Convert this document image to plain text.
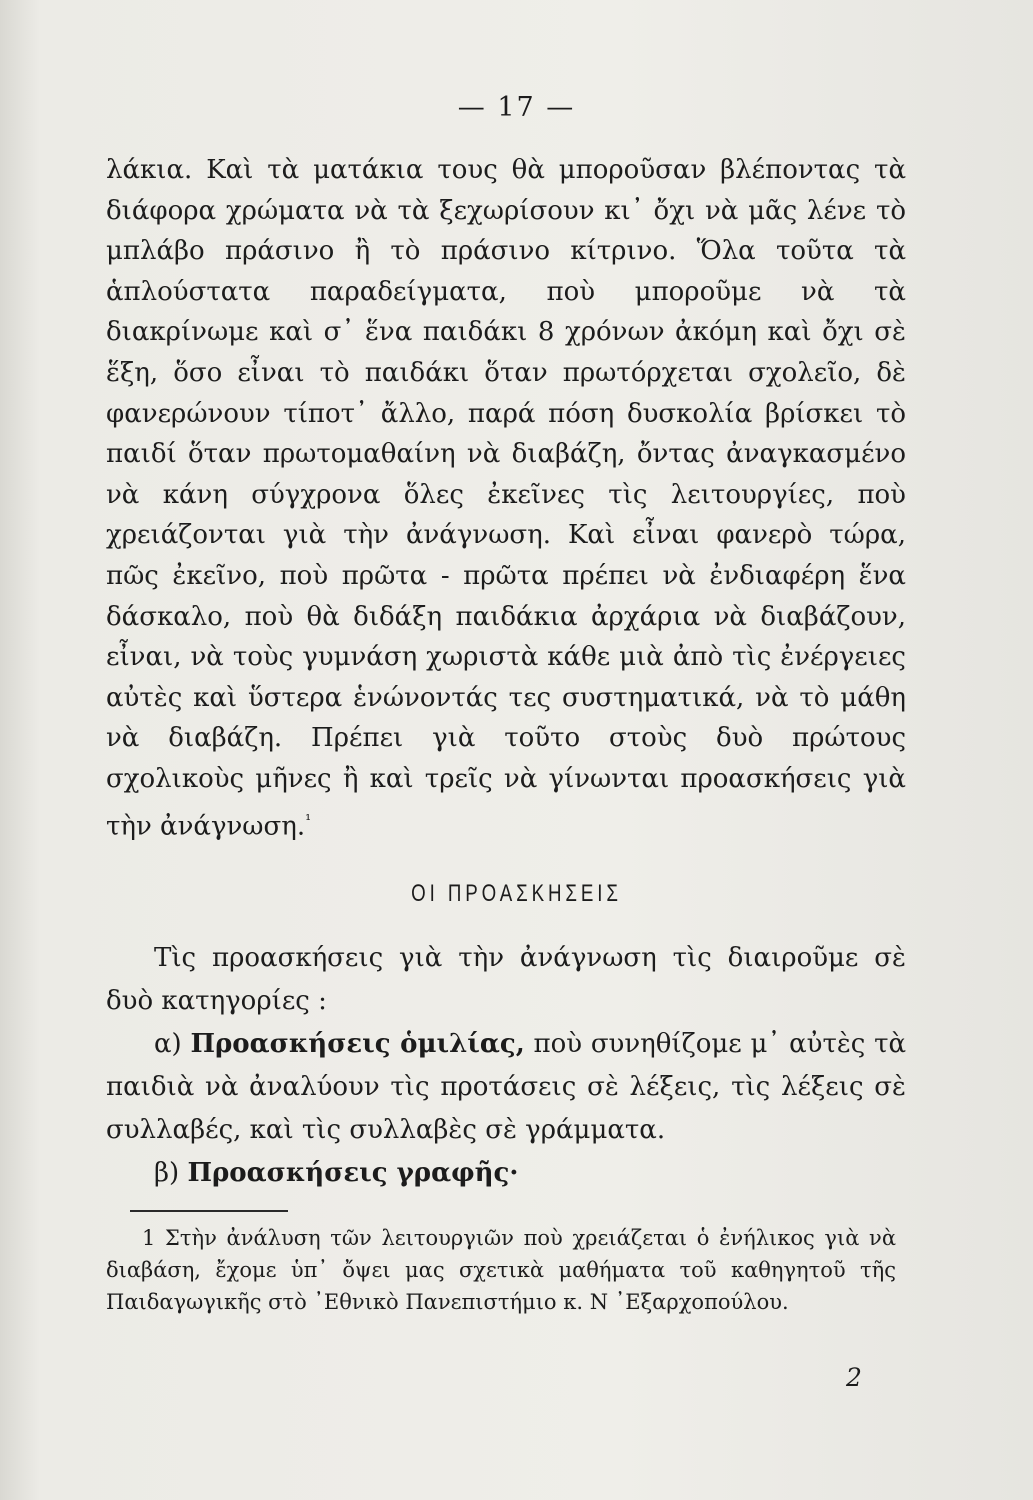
— 17 —

λάκια. Καὶ τὰ ματάκια τους θὰ μποροῦσαν βλέποντας τὰ διάφορα χρώματα νὰ τὰ ξεχωρίσουν κι᾽ ὄχι νὰ μᾶς λένε τὸ μπλάβο πράσινο ἢ τὸ πράσινο κίτρινο. Ὅλα τοῦτα τὰ ἁπλούστατα παραδείγματα, ποὺ μποροῦμε νὰ τὰ διακρίνωμε καὶ σ᾽ ἕνα παιδάκι 8 χρόνων ἀκόμη καὶ ὄχι σὲ ἕξη, ὅσο εἶναι τὸ παιδάκι ὅταν πρωτόρχεται σχολεῖο, δὲ φανερώνουν τίποτ᾽ ἄλλο, παρά πόση δυσκολία βρίσκει τὸ παιδί ὅταν πρωτομαθαίνη νὰ διαβάζη, ὄντας ἀναγκασμένο νὰ κάνη σύγχρονα ὅλες ἐκεῖνες τὶς λειτουργίες, ποὺ χρειάζονται γιὰ τὴν ἀνάγνωση. Καὶ εἶναι φανερὸ τώρα, πῶς ἐκεῖνο, ποὺ πρῶτα - πρῶτα πρέπει νὰ ἐνδιαφέρη ἕνα δάσκαλο, ποὺ θὰ διδάξη παιδάκια ἀρχάρια νὰ διαβάζουν, εἶναι, νὰ τοὺς γυμνάση χωριστὰ κάθε μιὰ ἀπὸ τὶς ἐνέργειες αὐτὲς καὶ ὕστερα ἑνώνοντάς τες συστηματικά, νὰ τὸ μάθη νὰ διαβάζη. Πρέπει γιὰ τοῦτο στοὺς δυὸ πρώτους σχολικοὺς μῆνες ἢ καὶ τρεῖς νὰ γίνωνται προασκήσεις γιὰ τὴν ἀνάγνωση.$^{^1}$

ΟΙ ΠΡΟΑΣΚΗΣΕΙΣ

Τὶς προασκήσεις γιὰ τὴν ἀνάγνωση τὶς διαιροῦμε σὲ δυὸ κατηγορίες :

α) Προασκήσεις ὁμιλίας, ποὺ συνηθίζομε μ᾽ αὐτὲς τὰ παιδιὰ νὰ ἀναλύουν τὶς προτάσεις σὲ λέξεις, τὶς λέξεις σὲ συλλαβές, καὶ τὶς συλλαβὲς σὲ γράμματα.

β) Προασκήσεις γραφῆς·

1 Στὴν ἀνάλυση τῶν λειτουργιῶν ποὺ χρειάζεται ὁ ἐνήλικος γιὰ νὰ διαβάση, ἔχομε ὑπ᾽ ὄψει μας σχετικὰ μαθήματα τοῦ καθηγητοῦ τῆς Παιδαγωγικῆς στὸ ᾽Εθνικὸ Πανεπιστήμιο κ. Ν ᾽Εξαρχοπούλου.

2
